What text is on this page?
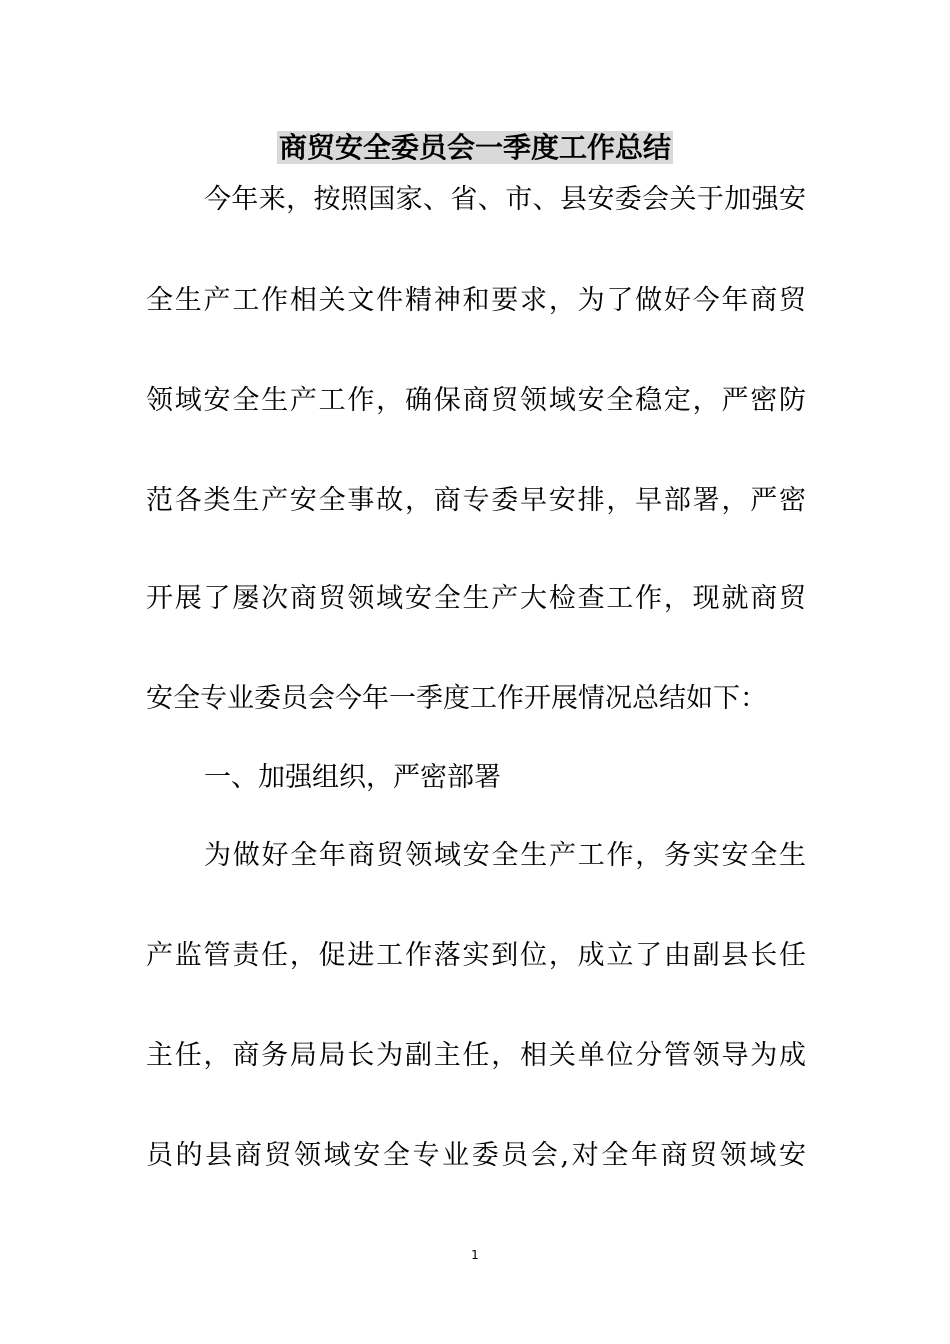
商贸安全委员会一季度工作总结
今年来，按照国家、省、市、县安委会关于加强安
全生产工作相关文件精神和要求，为了做好今年商贸
领域安全生产工作，确保商贸领域安全稳定，严密防
范各类生产安全事故，商专委早安排，早部署，严密
开展了屡次商贸领域安全生产大检查工作，现就商贸
安全专业委员会今年一季度工作开展情况总结如下：
一、加强组织，严密部署
为做好全年商贸领域安全生产工作，务实安全生
产监管责任，促进工作落实到位，成立了由副县长任
主任，商务局局长为副主任，相关单位分管领导为成
员的县商贸领域安全专业委员会,对全年商贸领域安
1
